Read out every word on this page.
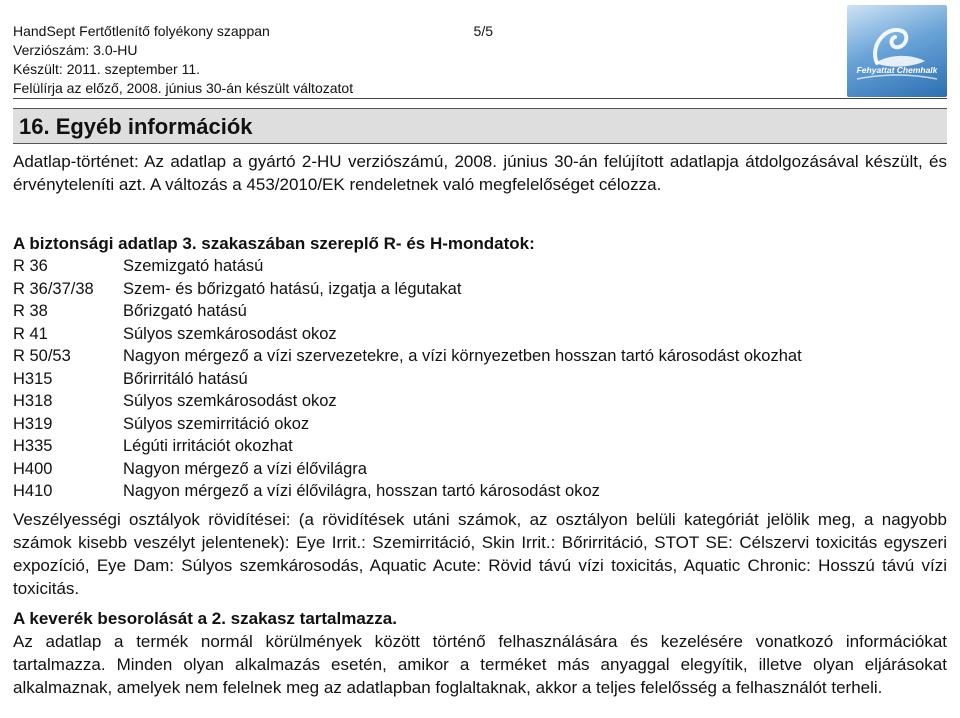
HandSept Fertőtlenítő folyékony szappan	5/5
Verziószám: 3.0-HU
Készült: 2011. szeptember 11.
Felülírja az előző, 2008. június 30-án készült változatot
Fehyattat Chemhalk
16. Egyéb információk
Adatlap-történet: Az adatlap a gyártó 2-HU verziószámú, 2008. június 30-án felújított adatlapja átdolgozásával készült, és érvényteleníti azt. A változás a 453/2010/EK rendeletnek való megfelelőséget célozza.
A biztonsági adatlap 3. szakaszában szereplő R- és H-mondatok:
R 36	Szemizgató hatású
R 36/37/38 Szem- és bőrizgató hatású, izgatja a légutakat
R 38	Bőrizgató hatású
R 41	Súlyos szemkárosodást okoz
R 50/53	Nagyon mérgező a vízi szervezetekre, a vízi környezetben hosszan tartó károsodást okozhat
H315	Bőrirritáló hatású
H318	Súlyos szemkárosodást okoz
H319	Súlyos szemirritáció okoz
H335	Légúti irritációt okozhat
H400	Nagyon mérgező a vízi élővilágra
H410	Nagyon mérgező a vízi élővilágra, hosszan tartó károsodást okoz
Veszélyességi osztályok rövidítései: (a rövidítések utáni számok, az osztályon belüli kategóriát jelölik meg, a nagyobb számok kisebb veszélyt jelentenek): Eye Irrit.: Szemirritáció, Skin Irrit.: Bőrirritáció, STOT SE: Célszervi toxicitás egyszeri expozíció, Eye Dam: Súlyos szemkárosodás, Aquatic Acute: Rövid távú vízi toxicitás, Aquatic Chronic: Hosszú távú vízi toxicitás.
A keverék besorolását a 2. szakasz tartalmazza.
Az adatlap a termék normál körülmények között történő felhasználására és kezelésére vonatkozó információkat tartalmazza. Minden olyan alkalmazás esetén, amikor a terméket más anyaggal elegyítik, illetve olyan eljárásokat alkalmaznak, amelyek nem felelnek meg az adatlapban foglaltaknak, akkor a teljes felelősség a felhasználót terheli.
